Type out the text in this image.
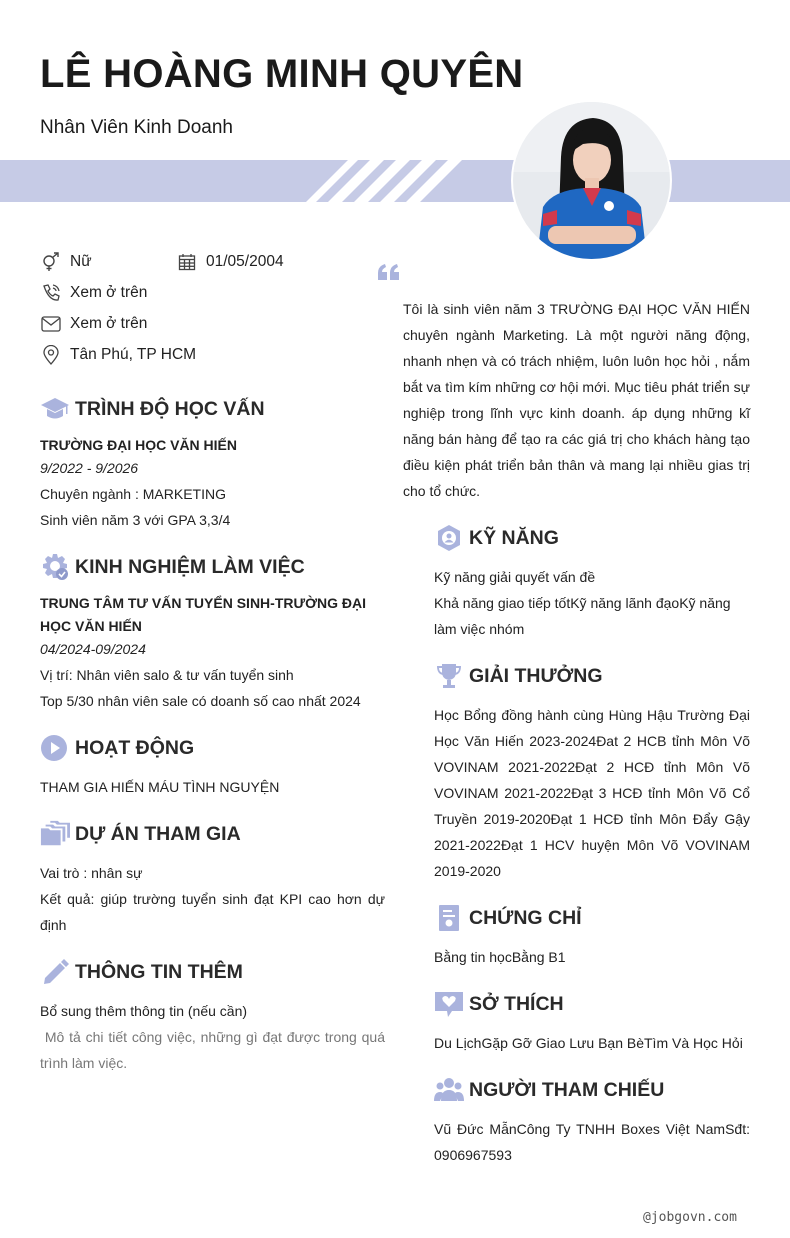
LÊ HOÀNG MINH QUYÊN
Nhân Viên Kinh Doanh
Nữ	01/05/2004
Xem ở trên
Xem ở trên
Tân Phú, TP HCM
Tôi là sinh viên năm 3 TRƯỜNG ĐẠI HỌC VĂN HIẾN chuyên ngành Marketing. Là một người năng động, nhanh nhẹn và có trách nhiệm, luôn luôn học hỏi , nắm bắt va tìm kím những cơ hội mới. Mục tiêu phát triển sự nghiệp trong lĩnh vực kinh doanh. áp dụng những kĩ năng bán hàng để tạo ra các giá trị cho khách hàng tạo điều kiện phát triển bản thân và mang lại nhiều gias trị cho tổ chức.
TRÌNH ĐỘ HỌC VẤN
TRƯỜNG ĐẠI HỌC VĂN HIẾN
9/2022 - 9/2026
Chuyên ngành : MARKETING
Sinh viên năm 3 với GPA 3,3/4
KINH NGHIỆM LÀM VIỆC
TRUNG TÂM TƯ VẤN TUYỂN SINH-TRƯỜNG ĐẠI HỌC VĂN HIẾN
04/2024-09/2024
Vị trí: Nhân viên salo & tư vấn tuyển sinh
Top 5/30 nhân viên sale có doanh số cao nhất 2024
HOẠT ĐỘNG
THAM GIA HIẾN MÁU TÌNH NGUYỆN
DỰ ÁN THAM GIA
Vai trò : nhân sự
Kết quả: giúp trường tuyển sinh đạt KPI cao hơn dự định
THÔNG TIN THÊM
Bổ sung thêm thông tin (nếu cần)
Mô tả chi tiết công việc, những gì đạt được trong quá trình làm việc.
KỸ NĂNG
Kỹ năng giải quyết vấn đề
Khả năng giao tiếp tốtKỹ năng lãnh đạoKỹ năng làm việc nhóm
GIẢI THƯỞNG
Học Bổng đồng hành cùng Hùng Hậu Trường Đại Học Văn Hiến 2023-2024Đat 2 HCB tỉnh Môn Võ VOVINAM 2021-2022Đạt 2 HCĐ tỉnh Môn Võ VOVINAM 2021-2022Đạt 3 HCĐ tỉnh Môn Võ Cổ Truyền 2019-2020Đạt 1 HCĐ tỉnh Môn Đẩy Gậy 2021-2022Đạt 1 HCV huyện Môn Võ VOVINAM 2019-2020
CHỨNG CHỈ
Bằng tin họcBằng B1
SỞ THÍCH
Du LịchGặp Gỡ Giao Lưu Bạn BèTìm Và Học Hỏi
NGƯỜI THAM CHIẾU
Vũ Đức MẫnCông Ty TNHH Boxes Việt NamSđt: 0906967593
@jobgovn.com
